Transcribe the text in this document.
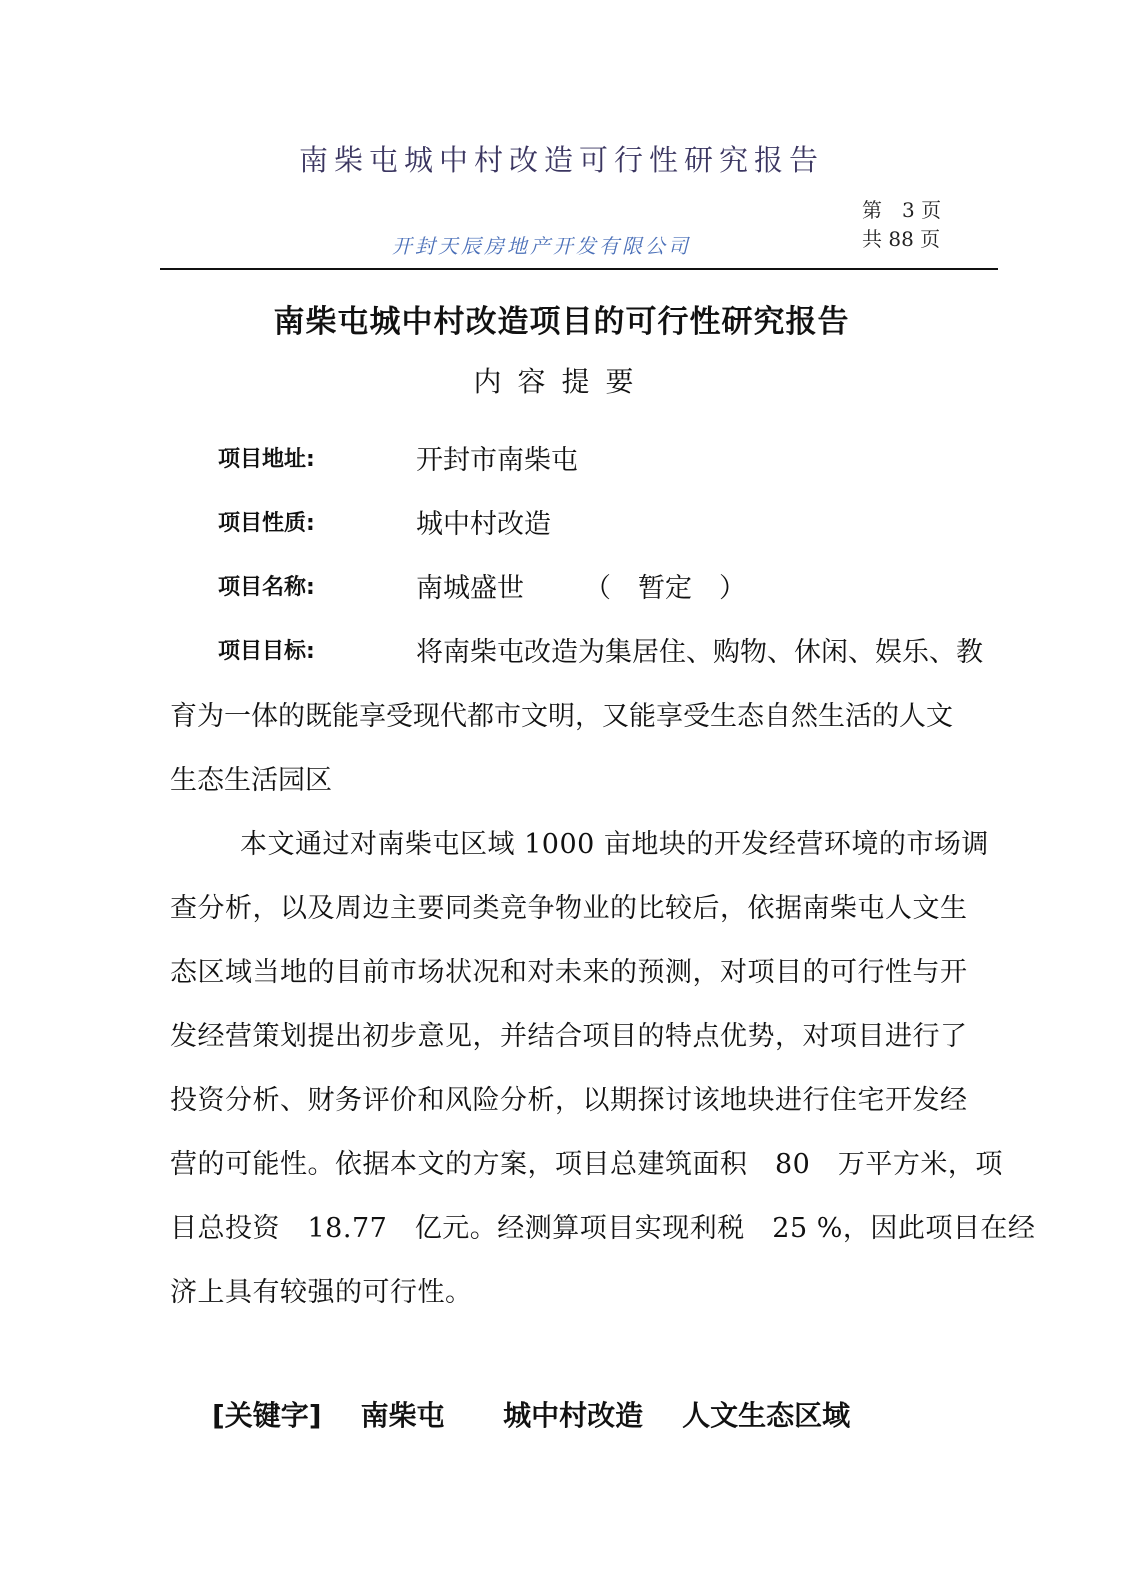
南柴屯城中村改造可行性研究报告
开封天辰房地产开发有限公司
第　3 页
共 88 页
南柴屯城中村改造项目的可行性研究报告
内容提要
项目地址:	开封市南柴屯
项目性质:	城中村改造
项目名称:	南城盛世 （　暂定　）
项目目标:	将南柴屯改造为集居住、购物、休闲、娱乐、教
育为一体的既能享受现代都市文明，又能享受生态自然生活的人文
生态生活园区
本文通过对南柴屯区域 1000 亩地块的开发经营环境的市场调
查分析，以及周边主要同类竞争物业的比较后，依据南柴屯人文生
态区域当地的目前市场状况和对未来的预测，对项目的可行性与开
发经营策划提出初步意见，并结合项目的特点优势，对项目进行了
投资分析、财务评价和风险分析，以期探讨该地块进行住宅开发经
营的可能性。依据本文的方案，项目总建筑面积　80　万平方米，项
目总投资　18.77　亿元。经测算项目实现利税　25 %，因此项目在经
济上具有较强的可行性。
[关键字] 南柴屯 城中村改造 人文生态区域
